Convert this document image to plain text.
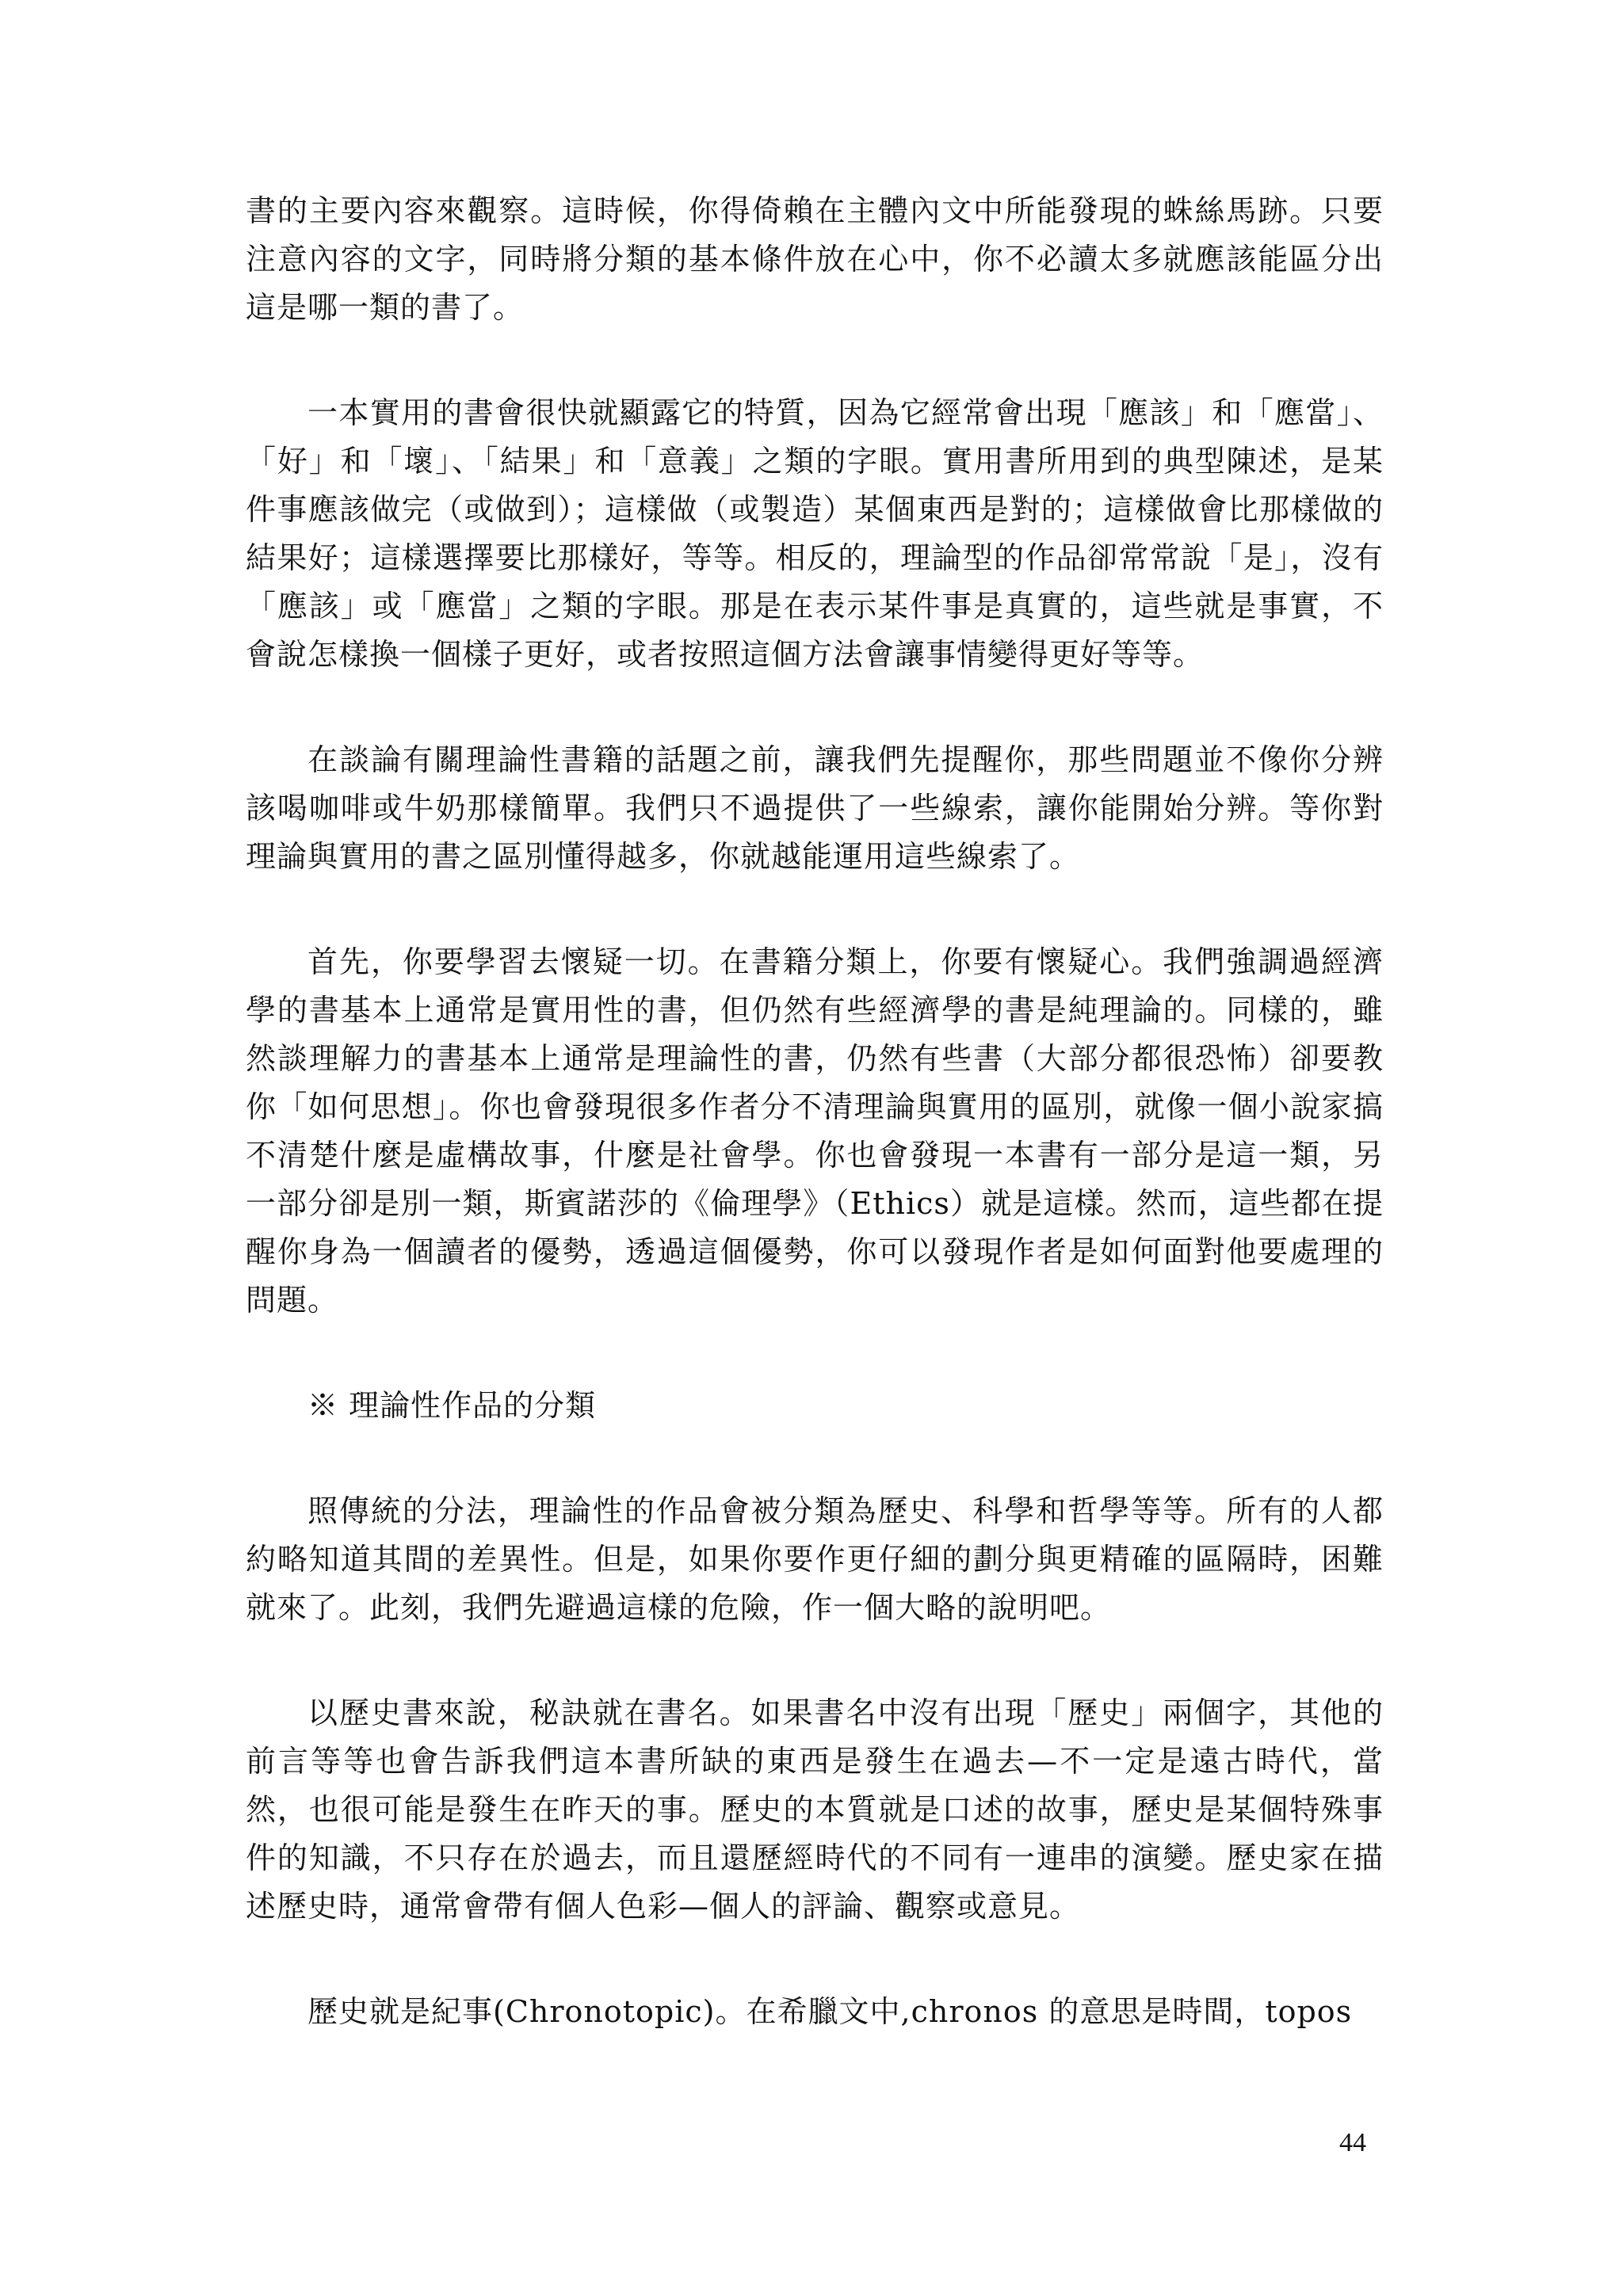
書的主要內容來觀察。這時候，你得倚賴在主體內文中所能發現的蛛絲馬跡。只要注意內容的文字，同時將分類的基本條件放在心中，你不必讀太多就應該能區分出這是哪一類的書了。

一本實用的書會很快就顯露它的特質，因為它經常會出現「應該」和「應當」、「好」和「壞」、「結果」和「意義」之類的字眼。實用書所用到的典型陳述，是某件事應該做完（或做到）；這樣做（或製造）某個東西是對的；這樣做會比那樣做的結果好；這樣選擇要比那樣好，等等。相反的，理論型的作品卻常常說「是」，沒有「應該」或「應當」之類的字眼。那是在表示某件事是真實的，這些就是事實，不會說怎樣換一個樣子更好，或者按照這個方法會讓事情變得更好等等。

在談論有關理論性書籍的話題之前，讓我們先提醒你，那些問題並不像你分辨該喝咖啡或牛奶那樣簡單。我們只不過提供了一些線索，讓你能開始分辨。等你對理論與實用的書之區別懂得越多，你就越能運用這些線索了。

首先，你要學習去懷疑一切。在書籍分類上，你要有懷疑心。我們強調過經濟學的書基本上通常是實用性的書，但仍然有些經濟學的書是純理論的。同樣的，雖然談理解力的書基本上通常是理論性的書，仍然有些書（大部分都很恐怖）卻要教你「如何思想」。你也會發現很多作者分不清理論與實用的區別，就像一個小說家搞不清楚什麼是虛構故事，什麼是社會學。你也會發現一本書有一部分是這一類，另一部分卻是別一類，斯賓諾莎的《倫理學》（Ethics）就是這樣。然而，這些都在提醒你身為一個讀者的優勢，透過這個優勢，你可以發現作者是如何面對他要處理的問題。

※ 理論性作品的分類

照傳統的分法，理論性的作品會被分類為歷史、科學和哲學等等。所有的人都約略知道其間的差異性。但是，如果你要作更仔細的劃分與更精確的區隔時，困難就來了。此刻，我們先避過這樣的危險，作一個大略的說明吧。

以歷史書來說，秘訣就在書名。如果書名中沒有出現「歷史」兩個字，其他的前言等等也會告訴我們這本書所缺的東西是發生在過去—不一定是遠古時代，當然，也很可能是發生在昨天的事。歷史的本質就是口述的故事，歷史是某個特殊事件的知識，不只存在於過去，而且還歷經時代的不同有一連串的演變。歷史家在描述歷史時，通常會帶有個人色彩—個人的評論、觀察或意見。

歷史就是紀事(Chronotopic)。在希臘文中,chronos 的意思是時間，topos

44
